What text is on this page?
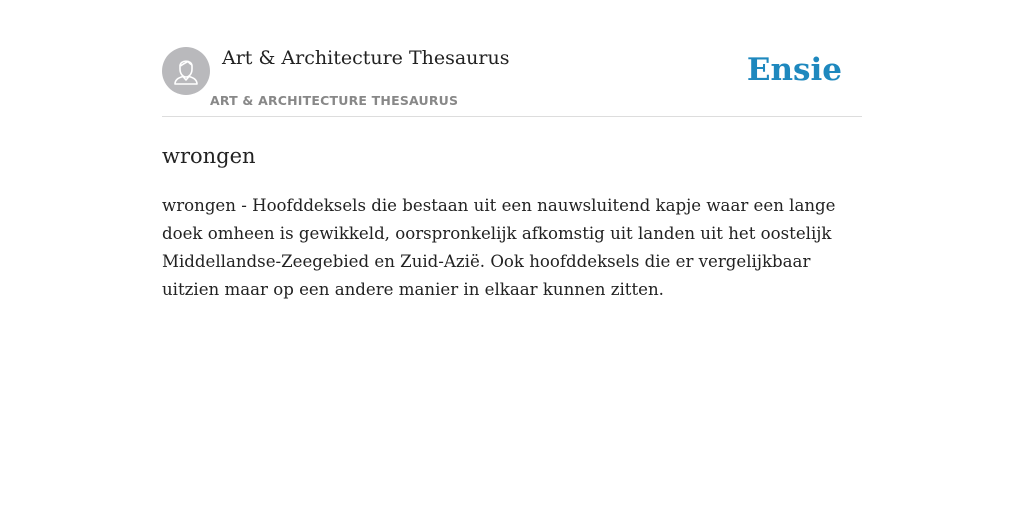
Art & Architecture Thesaurus
ART & ARCHITECTURE THESAURUS
Ensie
wrongen

wrongen - Hoofddeksels die bestaan uit een nauwsluitend kapje waar een lange doek omheen is gewikkeld, oorspronkelijk afkomstig uit landen uit het oostelijk Middellandse-Zeegebied en Zuid-Azië. Ook hoofddeksels die er vergelijkbaar uitzien maar op een andere manier in elkaar kunnen zitten.
